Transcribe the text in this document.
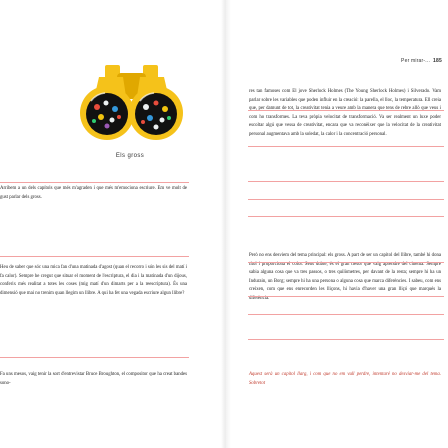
Els gross

Arribem a un dels capítols que més m'agraden i que més m'emociona escriure. Em ve molt de gust parlar dels gross.

Heu de saber que sóc una mica fan d'una matinada d'agost (quan el recorro i són les sis del matí i fa calor). Sempre he cregut que situar el moment de l'escriptura, el dia i la matinada d'un dijous, conferix més realitat a totes les coses (mig matí d'un dimarts per a la reescriptura). És una dimensió que mai no trenim quan llegim un llibre. A qui ha fet una vegada escriure algun llibre?

Fa uns mesos, vaig tenir la sort d'entrevistar Bruce Broughton, el compositor que ha creat bandes sono-

Per mirar-... 185

res tan famoses com El jove Sherlock Holmes (The Young Sherlock Holmes) i Silverado. Vam parlar sobre les variables que poden influir en la creació: la parella, el lloc, la temperatura. Ell creia que, per damunt de tot, la creativitat tenia a veure amb la manera que tens de rebre allò que veus i com ho transformes. La teva pròpia velocitat de transformació. Va ser realment un luxe poder escoltar algú que vessa de creativitat, encara que va reconèixer que la velocitat de la creativitat personal augmentava amb la soledat, la calor i la concentració personal.

Però no ens desviem del tema principal: els gross. A part de ser un capítol del llibre, també hi dona títol i proporciona el color. Sens dubte, és el gran tresor que vaig aprendre del cinema. Sempre sabia alguna cosa que va tres passos, o tres quilòmetres, per davant de la resta; sempre hi ha un Indurain, un Borg; sempre hi ha una persona o alguna cosa que marca diferències. I sabeu, com ens creixen, com que ens enrecorden les lliçons, hi havia d'haver una gran lliçó que marqués la diferència.

Aquest serà un capítol llarg, i com que no em vull perdre, intentaré no desviar-me del tema. Sobretot
